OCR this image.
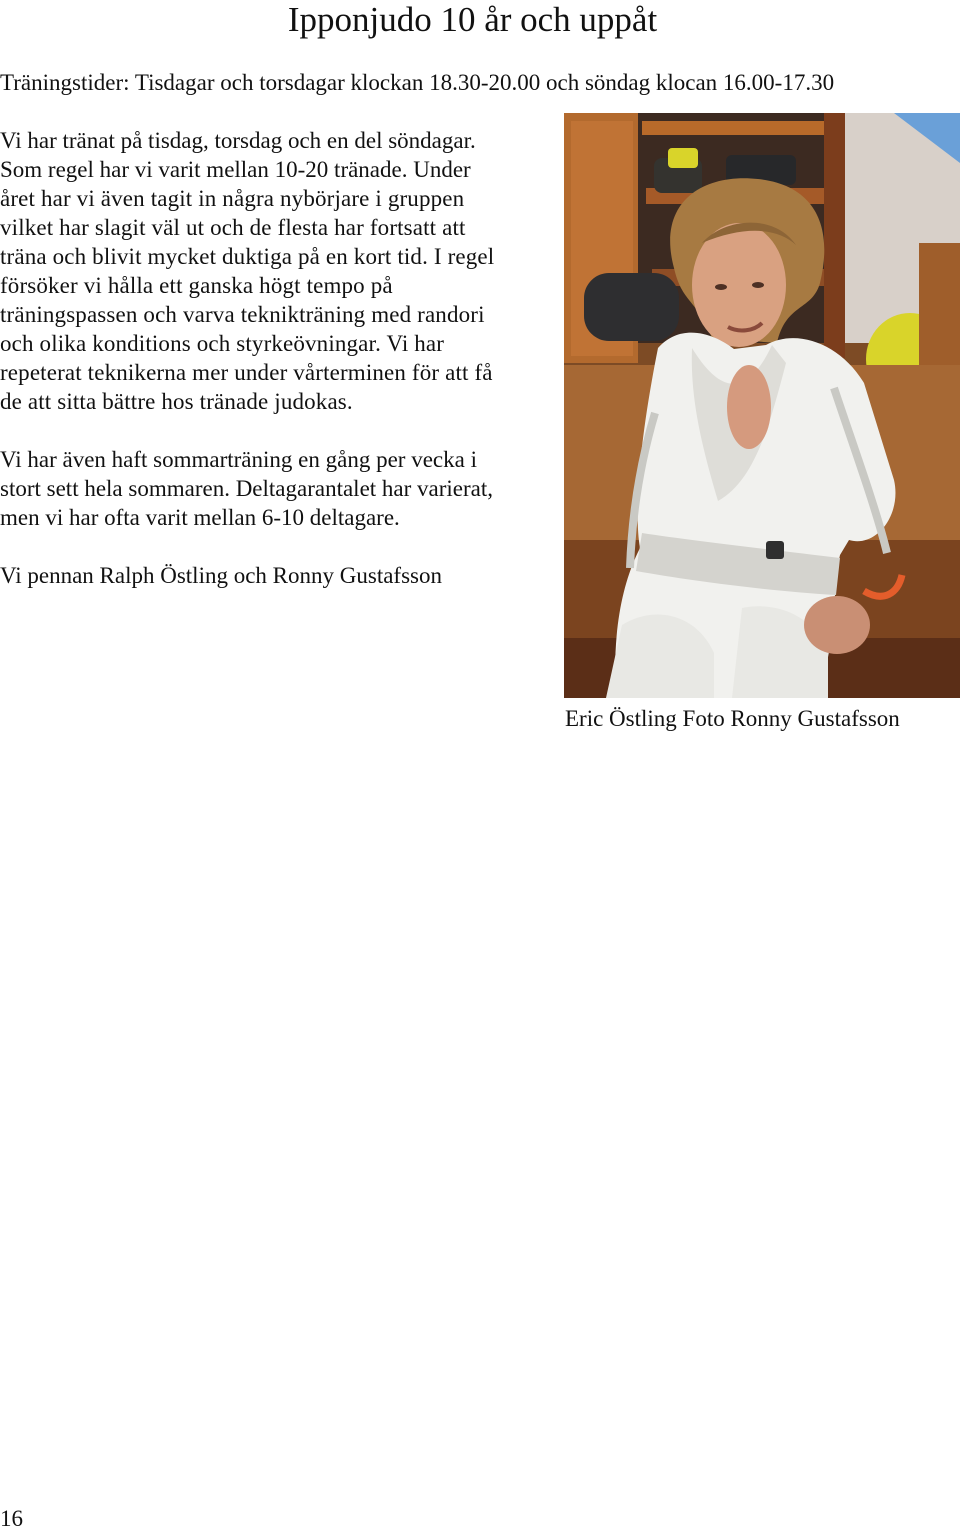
Ipponjudo 10 år och uppåt

Träningstider: Tisdagar och torsdagar klockan 18.30-20.00 och söndag klocan 16.00-17.30

Vi har tränat på tisdag, torsdag och en del söndagar.
Som regel har vi varit mellan 10-20 tränade. Under
året har vi även tagit in några nybörjare i gruppen
vilket har slagit väl ut och de flesta har fortsatt att
träna och blivit mycket duktiga på en kort tid. I regel
försöker vi hålla ett ganska högt tempo på
träningspassen och varva teknikträning med randori
och olika konditions och styrkeövningar. Vi har
repeterat teknikerna mer under vårterminen för att få
de att sitta bättre hos tränade judokas.

Vi har även haft sommarträning en gång per vecka i
stort sett hela sommaren. Deltagarantalet har varierat,
men vi har ofta varit mellan 6-10 deltagare.

Vi pennan Ralph Östling och Ronny Gustafsson

Eric Östling Foto Ronny Gustafsson
16
